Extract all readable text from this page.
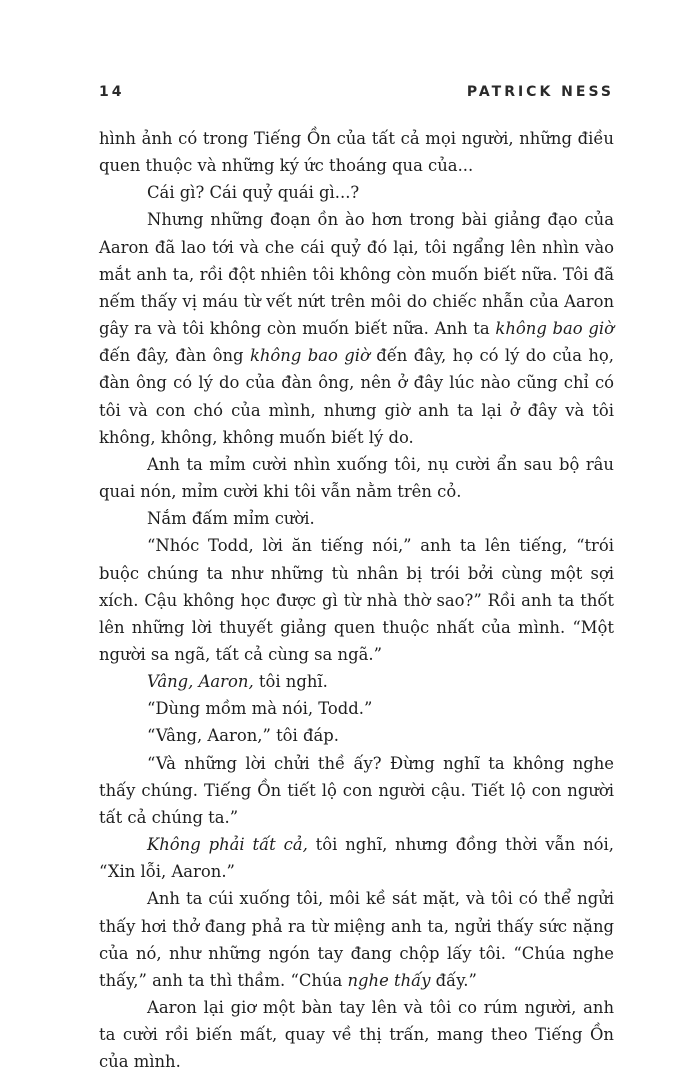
14	PATRICK NESS

hình ảnh có trong Tiếng Ồn của tất cả mọi người, những điều quen thuộc và những ký ức thoáng qua của...

Cái gì? Cái quỷ quái gì...?

Nhưng những đoạn ồn ào hơn trong bài giảng đạo của Aaron đã lao tới và che cái quỷ đó lại, tôi ngẩng lên nhìn vào mắt anh ta, rồi đột nhiên tôi không còn muốn biết nữa. Tôi đã nếm thấy vị máu từ vết nứt trên môi do chiếc nhẫn của Aaron gây ra và tôi không còn muốn biết nữa. Anh ta không bao giờ đến đây, đàn ông không bao giờ đến đây, họ có lý do của họ, đàn ông có lý do của đàn ông, nên ở đây lúc nào cũng chỉ có tôi và con chó của mình, nhưng giờ anh ta lại ở đây và tôi không, không, không muốn biết lý do.

Anh ta mỉm cười nhìn xuống tôi, nụ cười ẩn sau bộ râu quai nón, mỉm cười khi tôi vẫn nằm trên cỏ.

Nắm đấm mỉm cười.

“Nhóc Todd, lời ăn tiếng nói,” anh ta lên tiếng, “trói buộc chúng ta như những tù nhân bị trói bởi cùng một sợi xích. Cậu không học được gì từ nhà thờ sao?” Rồi anh ta thốt lên những lời thuyết giảng quen thuộc nhất của mình. “Một người sa ngã, tất cả cùng sa ngã.”

Vâng, Aaron, tôi nghĩ.

“Dùng mồm mà nói, Todd.”

“Vâng, Aaron,” tôi đáp.

“Và những lời chửi thề ấy? Đừng nghĩ ta không nghe thấy chúng. Tiếng Ồn tiết lộ con người cậu. Tiết lộ con người tất cả chúng ta.”

Không phải tất cả, tôi nghĩ, nhưng đồng thời vẫn nói, “Xin lỗi, Aaron.”

Anh ta cúi xuống tôi, môi kề sát mặt, và tôi có thể ngửi thấy hơi thở đang phả ra từ miệng anh ta, ngửi thấy sức nặng của nó, như những ngón tay đang chộp lấy tôi. “Chúa nghe thấy,” anh ta thì thầm. “Chúa nghe thấy đấy.”

Aaron lại giơ một bàn tay lên và tôi co rúm người, anh ta cười rồi biến mất, quay về thị trấn, mang theo Tiếng Ồn của mình.
